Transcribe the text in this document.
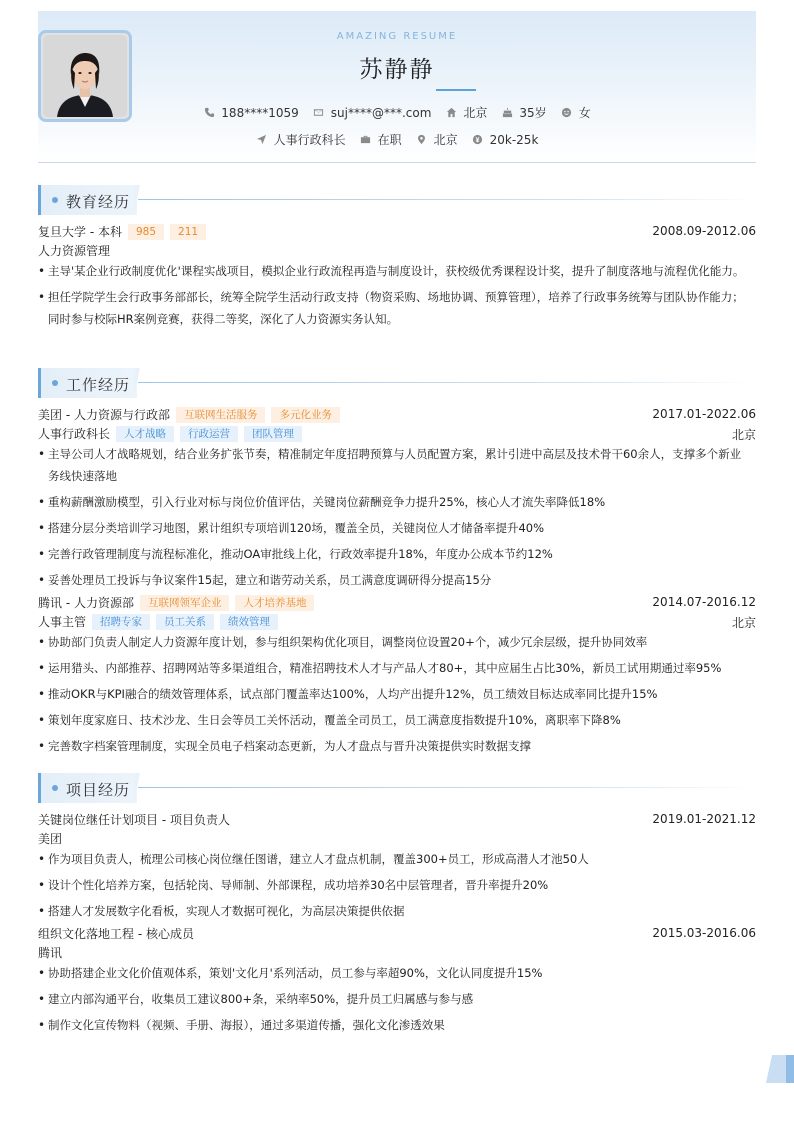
AMAZING RESUME
苏静静
188****1059	suj****@***.com	北京	35岁	女
人事行政科长	在职	北京	20k-25k
教育经历
复旦大学 - 本科	985	211	2008.09-2012.06
人力资源管理
• 主导'某企业行政制度优化'课程实战项目，模拟企业行政流程再造与制度设计，获校级优秀课程设计奖，提升了制度落地与流程优化能力。
• 担任学院学生会行政事务部部长，统筹全院学生活动行政支持（物资采购、场地协调、预算管理），培养了行政事务统筹与团队协作能力；同时参与校际HR案例竞赛，获得二等奖，深化了人力资源实务认知。
工作经历
美团 - 人力资源与行政部	互联网生活服务	多元化业务	2017.01-2022.06
人事行政科长	人才战略	行政运营	团队管理	北京
• 主导公司人才战略规划，结合业务扩张节奏，精准制定年度招聘预算与人员配置方案，累计引进中高层及技术骨干60余人，支撑多个新业务线快速落地
• 重构薪酬激励模型，引入行业对标与岗位价值评估，关键岗位薪酬竞争力提升25%，核心人才流失率降低18%
• 搭建分层分类培训学习地图，累计组织专项培训120场，覆盖全员，关键岗位人才储备率提升40%
• 完善行政管理制度与流程标准化，推动OA审批线上化，行政效率提升18%，年度办公成本节约12%
• 妥善处理员工投诉与争议案件15起，建立和谐劳动关系，员工满意度调研得分提高15分
腾讯 - 人力资源部	互联网领军企业	人才培养基地	2014.07-2016.12
人事主管	招聘专家	员工关系	绩效管理	北京
• 协助部门负责人制定人力资源年度计划，参与组织架构优化项目，调整岗位设置20+个，减少冗余层级，提升协同效率
• 运用猎头、内部推荐、招聘网站等多渠道组合，精准招聘技术人才与产品人才80+，其中应届生占比30%，新员工试用期通过率95%
• 推动OKR与KPI融合的绩效管理体系，试点部门覆盖率达100%，人均产出提升12%，员工绩效目标达成率同比提升15%
• 策划年度家庭日、技术沙龙、生日会等员工关怀活动，覆盖全司员工，员工满意度指数提升10%，离职率下降8%
• 完善数字档案管理制度，实现全员电子档案动态更新，为人才盘点与晋升决策提供实时数据支撑
项目经历
关键岗位继任计划项目 - 项目负责人	2019.01-2021.12
美团
• 作为项目负责人，梳理公司核心岗位继任图谱，建立人才盘点机制，覆盖300+员工，形成高潜人才池50人
• 设计个性化培养方案，包括轮岗、导师制、外部课程，成功培养30名中层管理者，晋升率提升20%
• 搭建人才发展数字化看板，实现人才数据可视化，为高层决策提供依据
组织文化落地工程 - 核心成员	2015.03-2016.06
腾讯
• 协助搭建企业文化价值观体系，策划'文化月'系列活动，员工参与率超90%，文化认同度提升15%
• 建立内部沟通平台，收集员工建议800+条，采纳率50%，提升员工归属感与参与感
• 制作文化宣传物料（视频、手册、海报），通过多渠道传播，强化文化渗透效果
